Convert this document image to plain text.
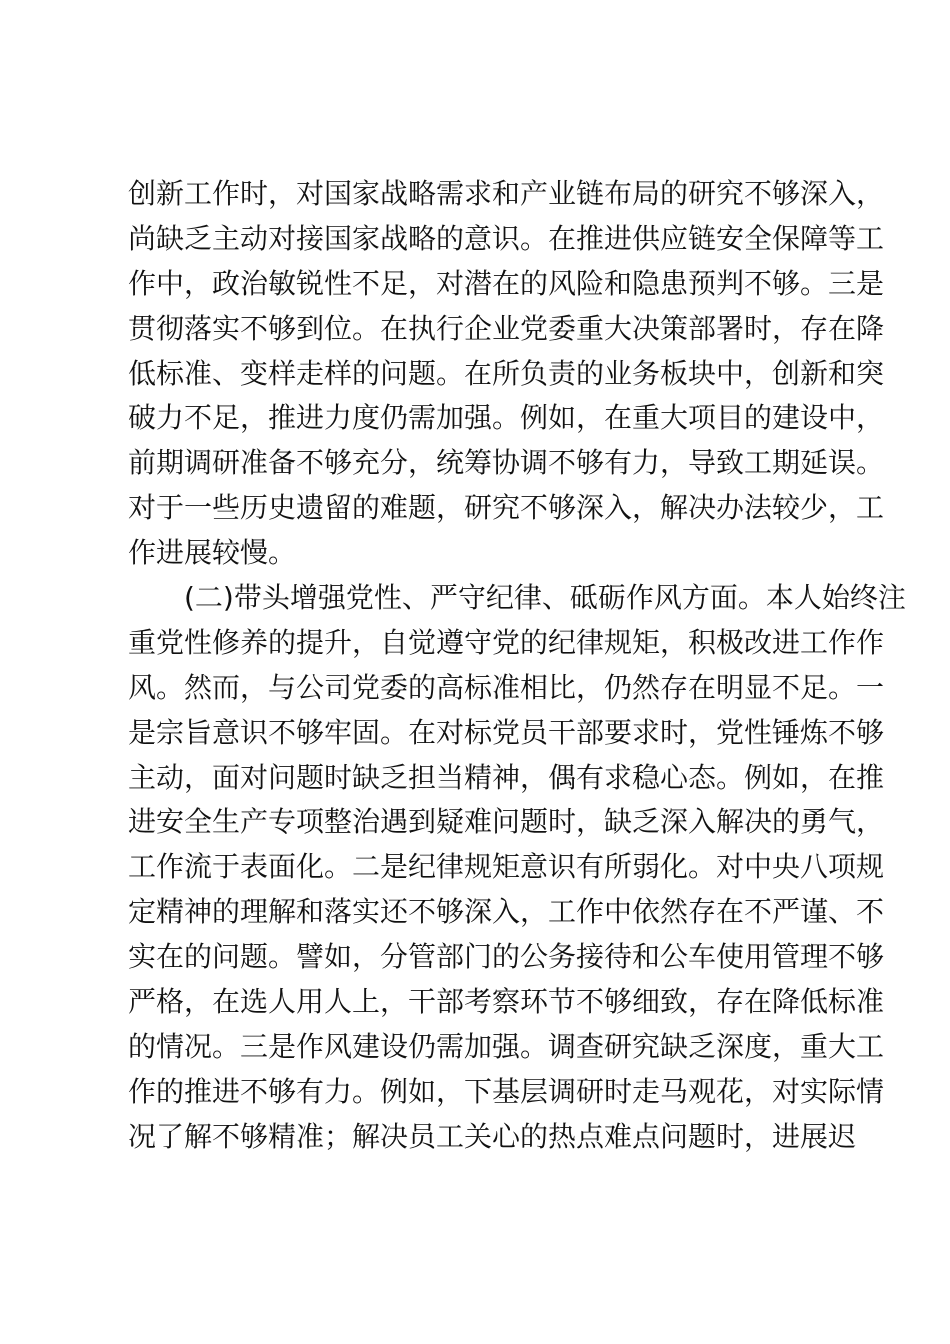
创新工作时，对国家战略需求和产业链布局的研究不够深入，
尚缺乏主动对接国家战略的意识。在推进供应链安全保障等工
作中，政治敏锐性不足，对潜在的风险和隐患预判不够。三是
贯彻落实不够到位。在执行企业党委重大决策部署时，存在降
低标准、变样走样的问题。在所负责的业务板块中，创新和突
破力不足，推进力度仍需加强。例如，在重大项目的建设中，
前期调研准备不够充分，统筹协调不够有力，导致工期延误。
对于一些历史遗留的难题，研究不够深入，解决办法较少，工
作进展较慢。
(二)带头增强党性、严守纪律、砥砺作风方面。本人始终注
重党性修养的提升，自觉遵守党的纪律规矩，积极改进工作作
风。然而，与公司党委的高标准相比，仍然存在明显不足。一
是宗旨意识不够牢固。在对标党员干部要求时，党性锤炼不够
主动，面对问题时缺乏担当精神，偶有求稳心态。例如，在推
进安全生产专项整治遇到疑难问题时，缺乏深入解决的勇气，
工作流于表面化。二是纪律规矩意识有所弱化。对中央八项规
定精神的理解和落实还不够深入，工作中依然存在不严谨、不
实在的问题。譬如，分管部门的公务接待和公车使用管理不够
严格，在选人用人上，干部考察环节不够细致，存在降低标准
的情况。三是作风建设仍需加强。调查研究缺乏深度，重大工
作的推进不够有力。例如，下基层调研时走马观花，对实际情
况了解不够精准；解决员工关心的热点难点问题时，进展迟
